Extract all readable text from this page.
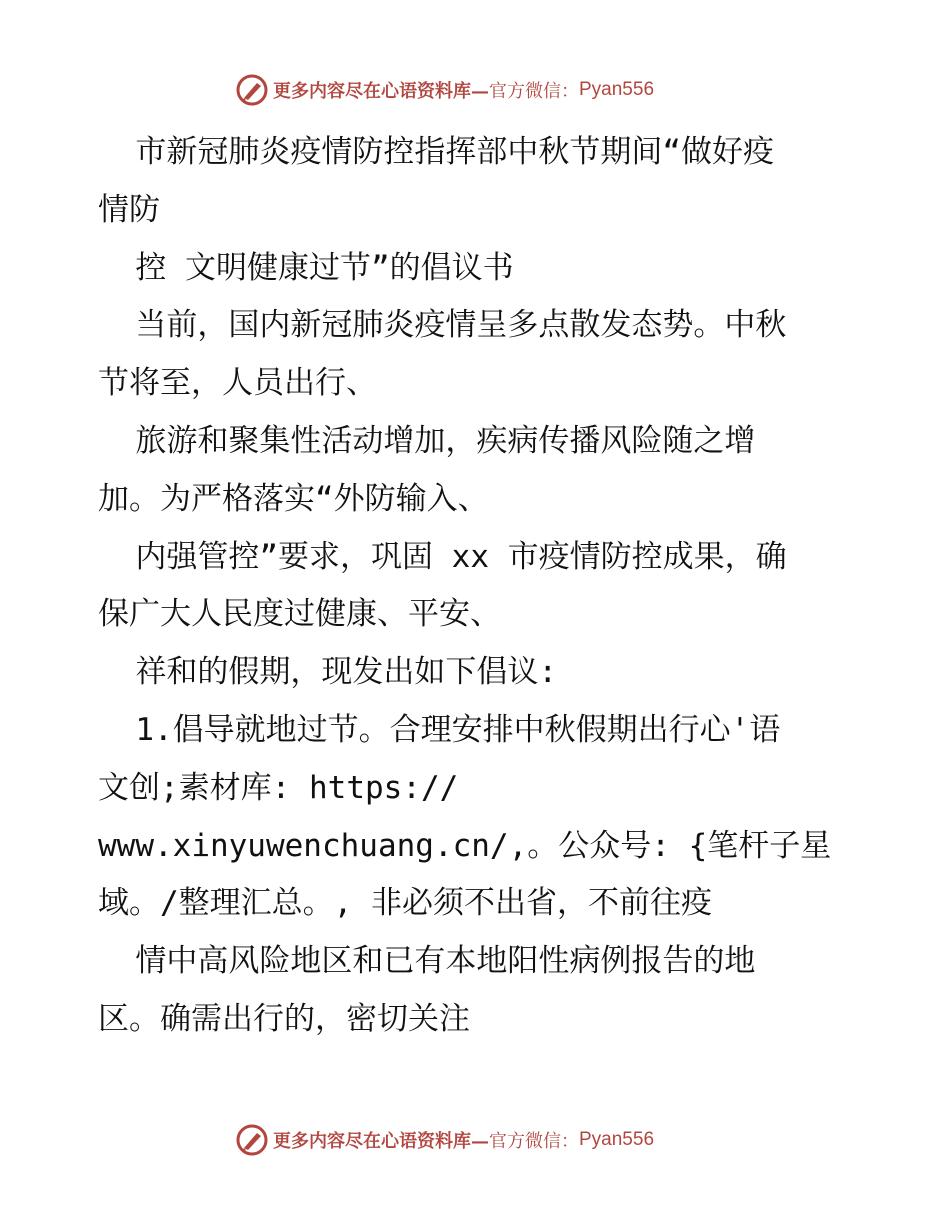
更多内容尽在心语资料库— 官方微信： Pyan556
市新冠肺炎疫情防控指挥部中秋节期间“做好疫
情防
控 文明健康过节”的倡议书
当前，国内新冠肺炎疫情呈多点散发态势。中秋
节将至，人员出行、
旅游和聚集性活动增加，疾病传播风险随之增
加。为严格落实“外防输入、
内强管控”要求，巩固 xx 市疫情防控成果，确
保广大人民度过健康、平安、
祥和的假期，现发出如下倡议:
1.倡导就地过节。合理安排中秋假期出行心'语
文创;素材库: https://
www.xinyuwenchuang.cn/,。公众号: {笔杆子星
域。/整理汇总。, 非必须不出省，不前往疫
情中高风险地区和已有本地阳性病例报告的地
区。确需出行的，密切关注
更多内容尽在心语资料库— 官方微信： Pyan556
